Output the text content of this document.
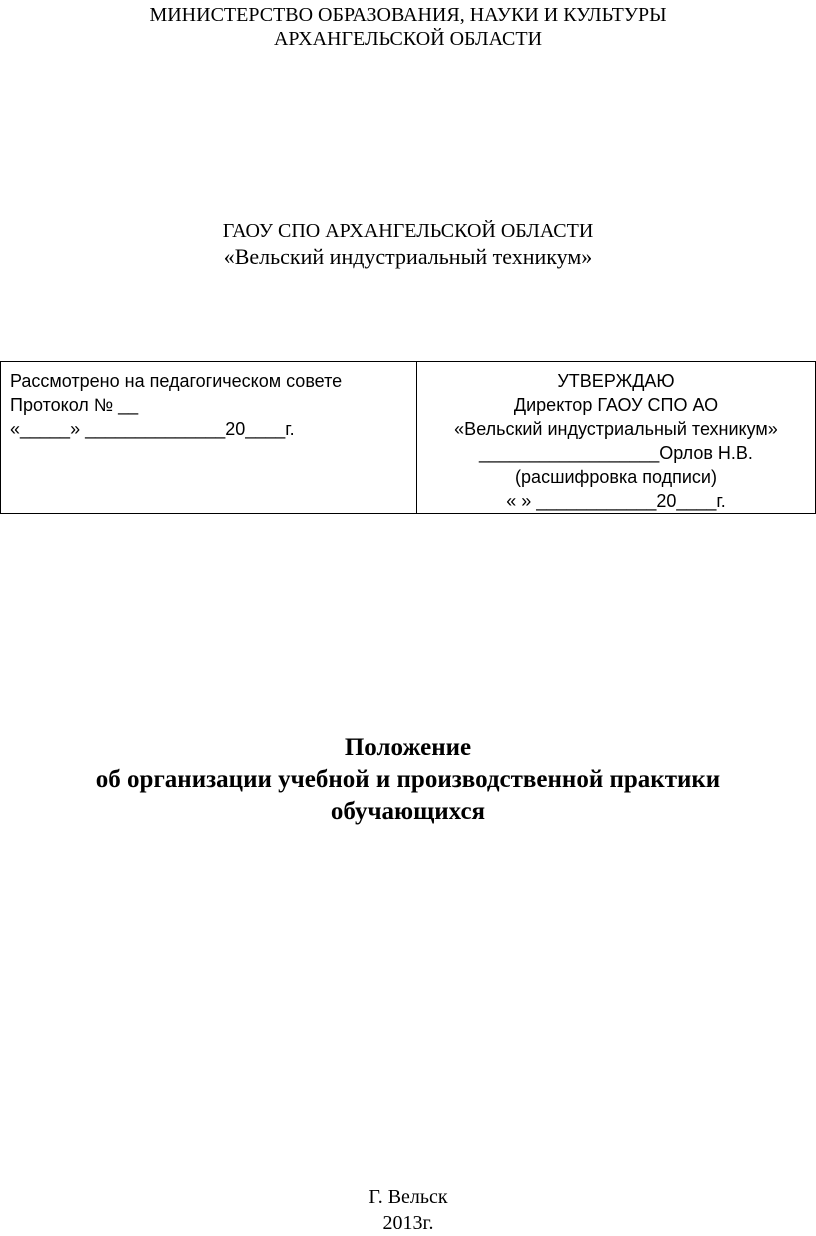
МИНИСТЕРСТВО ОБРАЗОВАНИЯ, НАУКИ И КУЛЬТУРЫ
АРХАНГЕЛЬСКОЙ ОБЛАСТИ
ГАОУ СПО АРХАНГЕЛЬСКОЙ ОБЛАСТИ
«Вельский индустриальный техникум»
Рассмотрено на педагогическом совете
Протокол № __
«_____» ______________20____г.

УТВЕРЖДАЮ
Директор ГАОУ СПО АО
«Вельский индустриальный техникум»
__________________Орлов Н.В.
(расшифровка подписи)
« » ____________20____г.
Положение
об организации учебной и производственной практики
обучающихся
Г. Вельск
2013г.
